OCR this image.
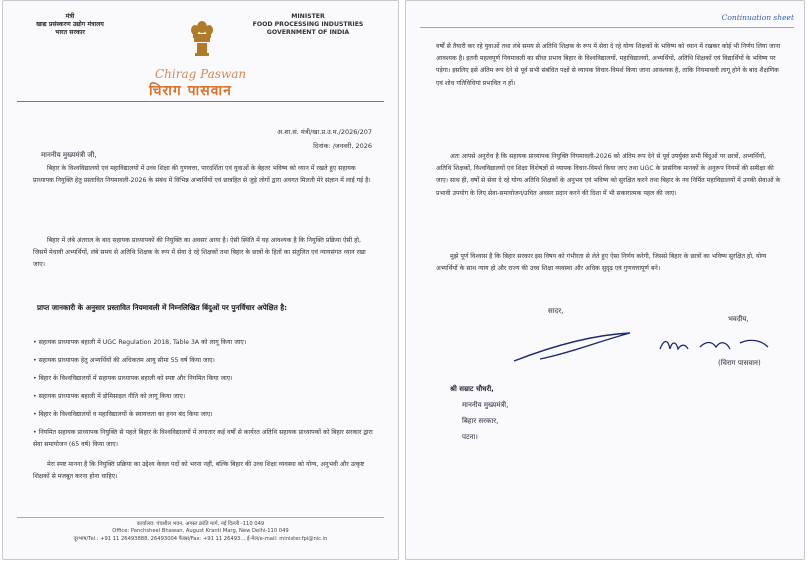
मंत्री
खाद्य प्रसंस्करण उद्योग मंत्रालय
भारत सरकार
MINISTER
FOOD PROCESSING INDUSTRIES
GOVERNMENT OF INDIA
Chirag Paswan
चिराग पासवान
अ.शा.सं. मंत्री/खा.प्र.उ.म./2026/207
दिनांक: /जनवरी, 2026
माननीय मुख्यमंत्री जी,

बिहार के विश्वविद्यालयों एवं महाविद्यालयों में उच्च शिक्षा की गुणवत्ता, पारदर्शिता एवं युवाओं के बेहतर भविष्य को ध्यान में रखते हुए सहायक प्राध्यापक नियुक्ति हेतु प्रस्तावित नियमावली-2026 के संबंध में विभिन्न अभ्यर्थियों एवं छात्रहित से जुड़े लोगों द्वारा अवगत मिलती मेरे संज्ञान में लाई गई है।

बिहार में लंबे अंतराल के बाद सहायक प्राध्यापकों की नियुक्ति का अवसर आया है। ऐसी स्थिति में यह आवश्यक है कि नियुक्ति प्रक्रिया ऐसी हो, जिसमें मेधावी अभ्यर्थियों, लंबे समय से अतिथि शिक्षक के रूप में सेवा दे रहे शिक्षकों तथा बिहार के छात्रों के हितों का संतुलित एवं न्यायसंगत ध्यान रखा जाए।

प्राप्त जानकारी के अनुसार प्रस्तावित नियमावली में निम्नलिखित बिंदुओं पर पुनर्विचार अपेक्षित है:
• सहायक प्राध्यापक बहाली में UGC Regulation 2018, Table 3A को लागू किया जाए।
• सहायक प्राध्यापक हेतु अभ्यर्थियों की अधिकतम आयु सीमा 55 वर्ष किया जाए।
• बिहार के विश्वविद्यालयों में सहायक प्राध्यापक बहाली को स्पष्ट और नियमित किया जाए।
• सहायक प्राध्यापक बहाली में डोमिसाइल नीति को लागू किया जाए।
• बिहार के विश्वविद्यालयों व महाविद्यालयों के स्वायत्तता का हनन बंद किया जाए।
• नियमित सहायक प्राध्यापक नियुक्ति से पहले बिहार के विश्वविद्यालयों में लगातार कई वर्षों से कार्यरत अतिथि सहायक प्राध्यापकों को बिहार सरकार द्वारा सेवा समायोजन (65 वर्ष) किया जाए।

मेरा स्पष्ट मानना है कि नियुक्ति प्रक्रिया का उद्देश्य केवल पदों को भरना नहीं, बल्कि बिहार की उच्च शिक्षा व्यवस्था को योग्य, अनुभवी और उत्कृष्ट शिक्षकों से मजबूत करना होना चाहिए।

कार्यालय: पंचशील भवन, अगस्त क्रांति मार्ग, नई दिल्ली -110 049
Office: Panchsheel Bhawan, August Kranti Marg, New Delhi-110 049
दूरभाष/Tel.: +91 11 26493888, 26493004 फैक्स/Fax: +91 11 26493... ई-मेल/e-mail: minister.fpi@nic.in
Continuation sheet

वर्षों से तैयारी कर रहे युवाओं तथा लंबे समय से अतिथि शिक्षक के रूप में सेवा दे रहे योग्य शिक्षकों के भविष्य को ध्यान में रखकर कोई भी निर्णय लिया जाना आवश्यक है। इतनी महत्वपूर्ण नियमावली का सीधा प्रभाव बिहार के विश्वविद्यालयों, महाविद्यालयों, अभ्यर्थियों, अतिथि शिक्षकों एवं विद्यार्थियों के भविष्य पर पड़ेगा। इसलिए इसे अंतिम रूप देने से पूर्व सभी संबंधित पक्षों से व्यापक विचार-विमर्श किया जाना आवश्यक है, ताकि नियमावली लागू होने के बाद शैक्षणिक एवं शोध गतिविधियां प्रभावित न हों।

अतः आपसे अनुरोध है कि सहायक प्राध्यापक नियुक्ति नियमावली-2026 को अंतिम रूप देने से पूर्व उपर्युक्त सभी बिंदुओं पर छात्रों, अभ्यर्थियों, अतिथि शिक्षकों, विश्वविद्यालयों एवं शिक्षा विशेषज्ञों से व्यापक विचार-विमर्श किया जाए तथा UGC के प्रासंगिक मानकों के अनुरूप नियमों की समीक्षा की जाए। साथ ही, वर्षों से सेवा दे रहे योग्य अतिथि शिक्षकों के अनुभव एवं भविष्य को सुरक्षित करने तथा बिहार के नव निर्मित महाविद्यालयों में उनकी सेवाओं के प्रभावी उपयोग के लिए सेवा-समायोजन/उचित अवसर प्रदान करने की दिशा में भी सकारात्मक पहल की जाए।

मुझे पूर्ण विश्वास है कि बिहार सरकार इस विषय को गंभीरता से लेते हुए ऐसा निर्णय करेगी, जिससे बिहार के छात्रों का भविष्य सुरक्षित हो, योग्य अभ्यर्थियों के साथ न्याय हो और राज्य की उच्च शिक्षा व्यवस्था और अधिक सुदृढ़ एवं गुणवत्तापूर्ण बने।

सादर,
भवदीय,
(चिराग पासवान)
श्री सम्राट चौधरी,
माननीय मुख्यमंत्री,
बिहार सरकार,
पटना।
